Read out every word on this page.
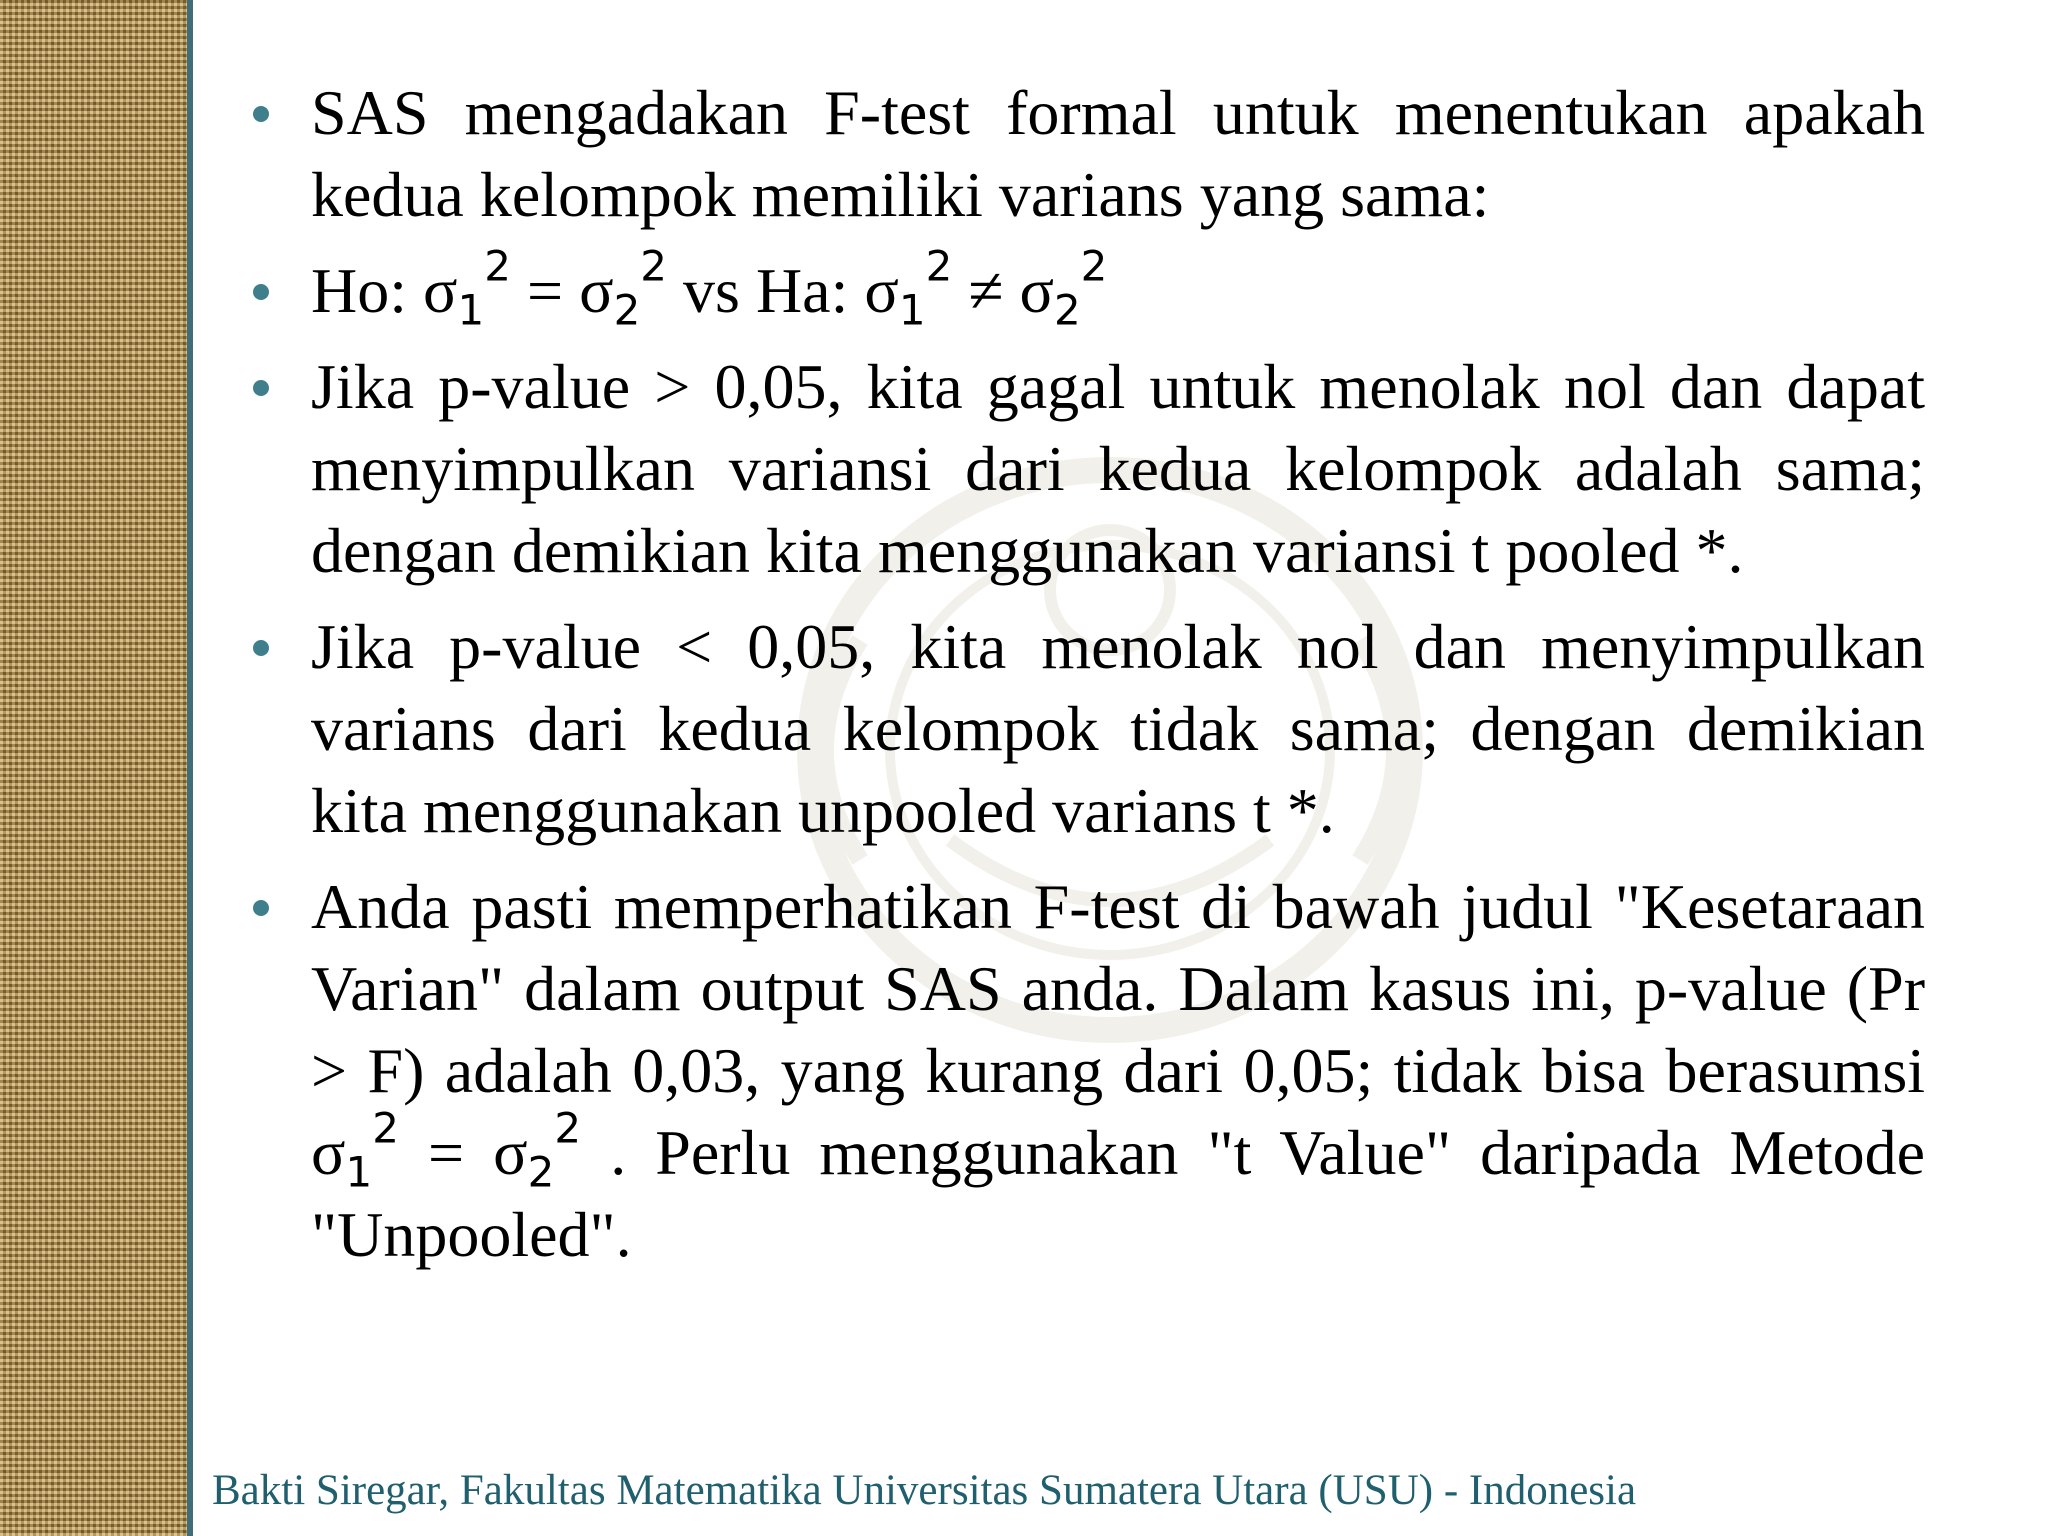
SAS mengadakan F-test formal untuk menentukan apakah kedua kelompok memiliki varians yang sama:
Ho: $\sigma_1^2 = \sigma_2^2$ vs Ha: $\sigma_1^2 \ne \sigma_2^2$
Jika p-value > 0,05, kita gagal untuk menolak nol dan dapat menyimpulkan variansi dari kedua kelompok adalah sama; dengan demikian kita menggunakan variansi t pooled *.
Jika p-value < 0,05, kita menolak nol dan menyimpulkan varians dari kedua kelompok tidak sama; dengan demikian kita menggunakan unpooled varians t *.
Anda pasti memperhatikan F-test di bawah judul "Kesetaraan Varian" dalam output SAS anda. Dalam kasus ini, p-value (Pr > F) adalah 0,03, yang kurang dari 0,05; tidak bisa berasumsi $\sigma_1^2 = \sigma_2^2$ . Perlu menggunakan "t Value" daripada Metode "Unpooled".
Bakti Siregar, Fakultas Matematika Universitas Sumatera Utara (USU) - Indonesia
